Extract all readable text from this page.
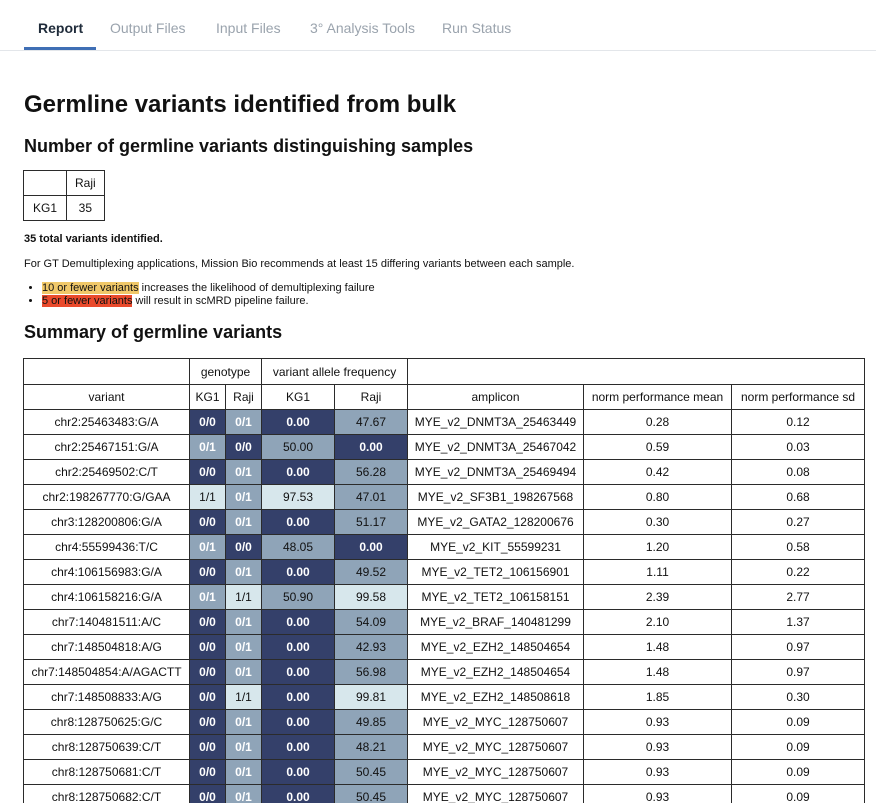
Report Output Files Input Files 3° Analysis Tools Run Status
Germline variants identified from bulk
Number of germline variants distinguishing samples
	Raji
KG1	35

35 total variants identified.

For GT Demultiplexing applications, Mission Bio recommends at least 15 differing variants between each sample.

• 10 or fewer variants increases the likelihood of demultiplexing failure
• 5 or fewer variants will result in scMRD pipeline failure.
Summary of germline variants
	genotype		variant allele frequency				
variant	KG1	Raji	KG1	Raji	amplicon	norm performance mean	norm performance sd
chr2:25463483:G/A	0/0	0/1	0.00	47.67	MYE_v2_DNMT3A_25463449	0.28	0.12
chr2:25467151:G/A	0/1	0/0	50.00	0.00	MYE_v2_DNMT3A_25467042	0.59	0.03
chr2:25469502:C/T	0/0	0/1	0.00	56.28	MYE_v2_DNMT3A_25469494	0.42	0.08
chr2:198267770:G/GAA	1/1	0/1	97.53	47.01	MYE_v2_SF3B1_198267568	0.80	0.68
chr3:128200806:G/A	0/0	0/1	0.00	51.17	MYE_v2_GATA2_128200676	0.30	0.27
chr4:55599436:T/C	0/1	0/0	48.05	0.00	MYE_v2_KIT_55599231	1.20	0.58
chr4:106156983:G/A	0/0	0/1	0.00	49.52	MYE_v2_TET2_106156901	1.11	0.22
chr4:106158216:G/A	0/1	1/1	50.90	99.58	MYE_v2_TET2_106158151	2.39	2.77
chr7:140481511:A/C	0/0	0/1	0.00	54.09	MYE_v2_BRAF_140481299	2.10	1.37
chr7:148504818:A/G	0/0	0/1	0.00	42.93	MYE_v2_EZH2_148504654	1.48	0.97
chr7:148504854:A/AGACTT	0/0	0/1	0.00	56.98	MYE_v2_EZH2_148504654	1.48	0.97
chr7:148508833:A/G	0/0	1/1	0.00	99.81	MYE_v2_EZH2_148508618	1.85	0.30
chr8:128750625:G/C	0/0	0/1	0.00	49.85	MYE_v2_MYC_128750607	0.93	0.09
chr8:128750639:C/T	0/0	0/1	0.00	48.21	MYE_v2_MYC_128750607	0.93	0.09
chr8:128750681:C/T	0/0	0/1	0.00	50.45	MYE_v2_MYC_128750607	0.93	0.09
chr8:128750682:C/T	0/0	0/1	0.00	50.45	MYE_v2_MYC_128750607	0.93	0.09
